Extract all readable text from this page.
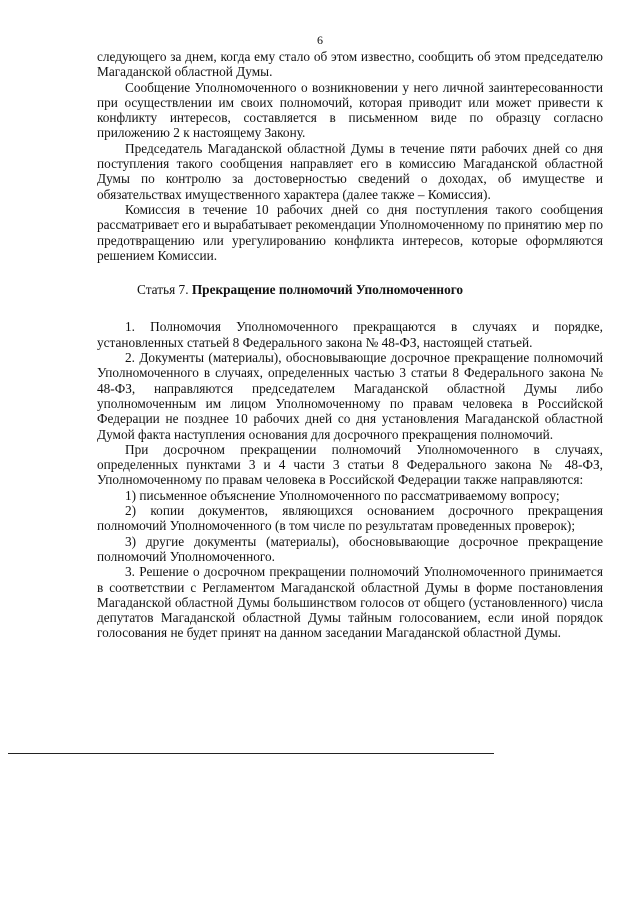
6

следующего за днем, когда ему стало об этом известно, сообщить об этом председателю Магаданской областной Думы.

Сообщение Уполномоченного о возникновении у него личной заинтересованности при осуществлении им своих полномочий, которая приводит или может привести к конфликту интересов, составляется в письменном виде по образцу согласно приложению 2 к настоящему Закону.

Председатель Магаданской областной Думы в течение пяти рабочих дней со дня поступления такого сообщения направляет его в комиссию Магаданской областной Думы по контролю за достоверностью сведений о доходах, об имуществе и обязательствах имущественного характера (далее также – Комиссия).

Комиссия в течение 10 рабочих дней со дня поступления такого сообщения рассматривает его и вырабатывает рекомендации Уполномоченному по принятию мер по предотвращению или урегулированию конфликта интересов, которые оформляются решением Комиссии.

Статья 7. Прекращение полномочий Уполномоченного

1. Полномочия Уполномоченного прекращаются в случаях и порядке, установленных статьей 8 Федерального закона № 48-ФЗ, настоящей статьей.

2. Документы (материалы), обосновывающие досрочное прекращение полномочий Уполномоченного в случаях, определенных частью 3 статьи 8 Федерального закона № 48-ФЗ, направляются председателем Магаданской областной Думы либо уполномоченным им лицом Уполномоченному по правам человека в Российской Федерации не позднее 10 рабочих дней со дня установления Магаданской областной Думой факта наступления основания для досрочного прекращения полномочий.

При досрочном прекращении полномочий Уполномоченного в случаях, определенных пунктами 3 и 4 части 3 статьи 8 Федерального закона № 48-ФЗ, Уполномоченному по правам человека в Российской Федерации также направляются:

1) письменное объяснение Уполномоченного по рассматриваемому вопросу;

2) копии документов, являющихся основанием досрочного прекращения полномочий Уполномоченного (в том числе по результатам проведенных проверок);

3) другие документы (материалы), обосновывающие досрочное прекращение полномочий Уполномоченного.

3. Решение о досрочном прекращении полномочий Уполномоченного принимается в соответствии с Регламентом Магаданской областной Думы в форме постановления Магаданской областной Думы большинством голосов от общего (установленного) числа депутатов Магаданской областной Думы тайным голосованием, если иной порядок голосования не будет принят на данном заседании Магаданской областной Думы.
